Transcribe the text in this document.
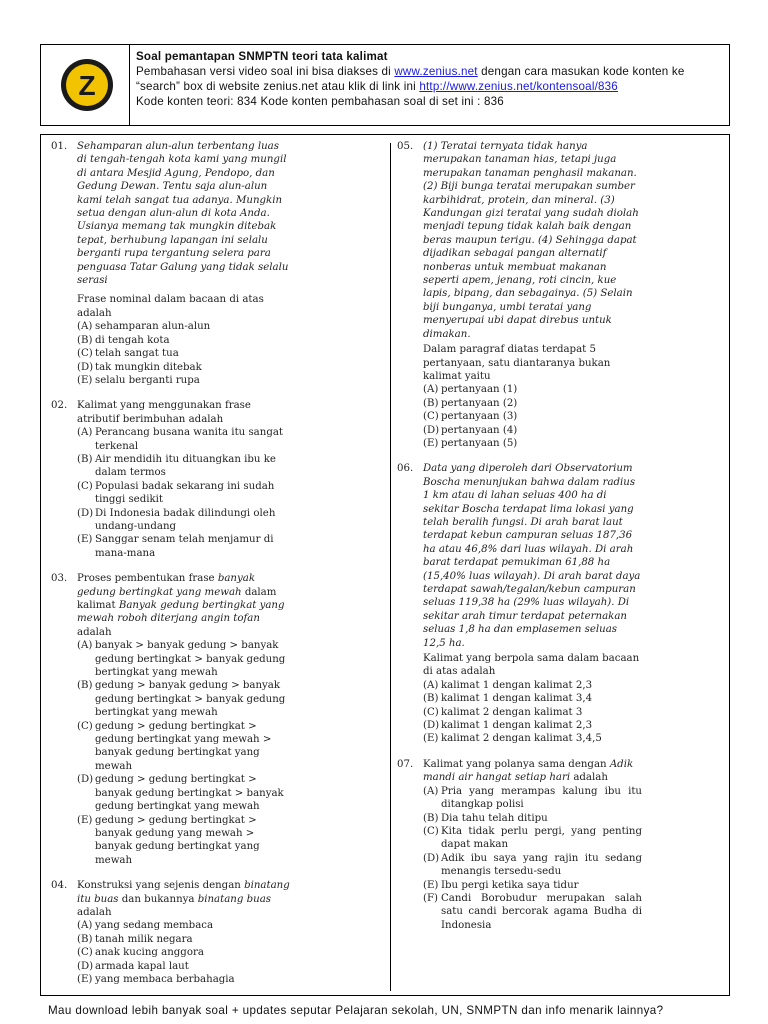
Z
Soal pemantapan SNMPTN teori tata kalimat
Pembahasan versi video soal ini bisa diakses di www.zenius.net dengan cara masukan kode konten ke
“search” box di website zenius.net atau klik di link ini http://www.zenius.net/kontensoal/836
Kode konten teori: 834 Kode konten pembahasan soal di set ini : 836
01. Sehamparan alun-alun terbentang luas di tengah-tengah kota kami yang mungil di antara Mesjid Agung, Pendopo, dan Gedung Dewan. Tentu saja alun-alun kami telah sangat tua adanya. Mungkin setua dengan alun-alun di kota Anda. Usianya memang tak mungkin ditebak tepat, berhubung lapangan ini selalu berganti rupa tergantung selera para penguasa Tatar Galung yang tidak selalu serasi
Frase nominal dalam bacaan di atas adalah
(A) sehamparan alun-alun
(B) di tengah kota
(C) telah sangat tua
(D) tak mungkin ditebak
(E) selalu berganti rupa
02. Kalimat yang menggunakan frase atributif berimbuhan adalah
(A) Perancang busana wanita itu sangat terkenal
(B) Air mendidih itu dituangkan ibu ke dalam termos
(C) Populasi badak sekarang ini sudah tinggi sedikit
(D) Di Indonesia badak dilindungi oleh undang-undang
(E) Sanggar senam telah menjamur di mana-mana
03. Proses pembentukan frase banyak gedung bertingkat yang mewah dalam kalimat Banyak gedung bertingkat yang mewah roboh diterjang angin tofan adalah
(A) banyak > banyak gedung > banyak gedung bertingkat > banyak gedung bertingkat yang mewah
(B) gedung > banyak gedung > banyak gedung bertingkat > banyak gedung bertingkat yang mewah
(C) gedung > gedung bertingkat > gedung bertingkat yang mewah > banyak gedung bertingkat yang mewah
(D) gedung > gedung bertingkat > banyak gedung bertingkat > banyak gedung bertingkat yang mewah
(E) gedung > gedung bertingkat > banyak gedung yang mewah > banyak gedung bertingkat yang mewah
04. Konstruksi yang sejenis dengan binatang itu buas dan bukannya binatang buas adalah
(A) yang sedang membaca
(B) tanah milik negara
(C) anak kucing anggora
(D) armada kapal laut
(E) yang membaca berbahagia
05. (1) Teratai ternyata tidak hanya merupakan tanaman hias, tetapi juga merupakan tanaman penghasil makanan. (2) Biji bunga teratai merupakan sumber karbihidrat, protein, dan mineral. (3) Kandungan gizi teratai yang sudah diolah menjadi tepung tidak kalah baik dengan beras maupun terigu. (4) Sehingga dapat dijadikan sebagai pangan alternatif nonberas untuk membuat makanan seperti apem, jenang, roti cincin, kue lapis, bipang, dan sebagainya. (5) Selain biji bunganya, umbi teratai yang menyerupai ubi dapat direbus untuk dimakan.
Dalam paragraf diatas terdapat 5 pertanyaan, satu diantaranya bukan kalimat yaitu
(A) pertanyaan (1)
(B) pertanyaan (2)
(C) pertanyaan (3)
(D) pertanyaan (4)
(E) pertanyaan (5)
06. Data yang diperoleh dari Observatorium Boscha menunjukan bahwa dalam radius 1 km atau di lahan seluas 400 ha di sekitar Boscha terdapat lima lokasi yang telah beralih fungsi. Di arah barat laut terdapat kebun campuran seluas 187,36 ha atau 46,8% dari luas wilayah. Di arah barat terdapat pemukiman 61,88 ha (15,40% luas wilayah). Di arah barat daya terdapat sawah/tegalan/kebun campuran seluas 119,38 ha (29% luas wilayah). Di sekitar arah timur terdapat peternakan seluas 1,8 ha dan emplasemen seluas 12,5 ha.
Kalimat yang berpola sama dalam bacaan di atas adalah
(A) kalimat 1 dengan kalimat 2,3
(B) kalimat 1 dengan kalimat 3,4
(C) kalimat 2 dengan kalimat 3
(D) kalimat 1 dengan kalimat 2,3
(E) kalimat 2 dengan kalimat 3,4,5
07. Kalimat yang polanya sama dengan Adik mandi air hangat setiap hari adalah
(A) Pria yang merampas kalung ibu itu ditangkap polisi
(B) Dia tahu telah ditipu
(C) Kita tidak perlu pergi, yang penting dapat makan
(D) Adik ibu saya yang rajin itu sedang menangis tersedu-sedu
(E) Ibu pergi ketika saya tidur
(F) Candi Borobudur merupakan salah satu candi bercorak agama Budha di Indonesia
Mau download lebih banyak soal + updates seputar Pelajaran sekolah, UN, SNMPTN dan info menarik lainnya?
